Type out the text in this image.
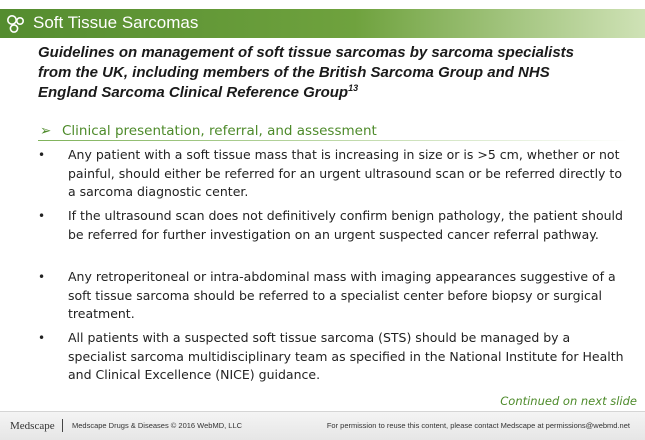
Soft Tissue Sarcomas
Guidelines on management of soft tissue sarcomas by sarcoma specialists from the UK, including members of the British Sarcoma Group and NHS England Sarcoma Clinical Reference Group$^{13}$
➢ Clinical presentation, referral, and assessment
• Any patient with a soft tissue mass that is increasing in size or is >5 cm, whether or not painful, should either be referred for an urgent ultrasound scan or be referred directly to a sarcoma diagnostic center.
• If the ultrasound scan does not definitively confirm benign pathology, the patient should be referred for further investigation on an urgent suspected cancer referral pathway.
• Any retroperitoneal or intra-abdominal mass with imaging appearances suggestive of a soft tissue sarcoma should be referred to a specialist center before biopsy or surgical treatment.
• All patients with a suspected soft tissue sarcoma (STS) should be managed by a specialist sarcoma multidisciplinary team as specified in the National Institute for Health and Clinical Excellence (NICE) guidance.
Continued on next slide
Medscape Medscape Drugs & Diseases © 2016 WebMD, LLC	For permission to reuse this content, please contact Medscape at permissions@webmd.net
